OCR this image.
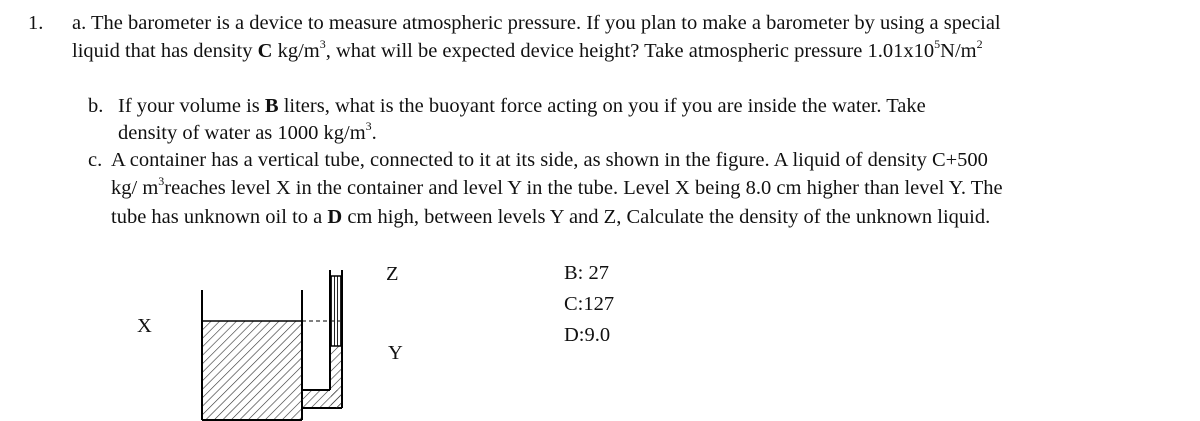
1. a. The barometer is a device to measure atmospheric pressure. If you plan to make a barometer by using a special
liquid that has density C $kg/m^3$, what will be expected device height? Take atmospheric pressure $1.01x10^5N/m^2$
b. If your volume is B liters, what is the buoyant force acting on you if you are inside the water. Take
density of water as 1000 $kg/m^3$.
c. A container has a vertical tube, connected to it at its side, as shown in the figure. A liquid of density C+500
kg/ $m^3reaches$ level X in the container and level Y in the tube. Level X being 8.0 cm higher than level Y. The
tube has unknown oil to a D cm high, between levels Y and Z, Calculate the density of the unknown liquid.
Z
X
Y
B: 27
C:127
D:9.0
